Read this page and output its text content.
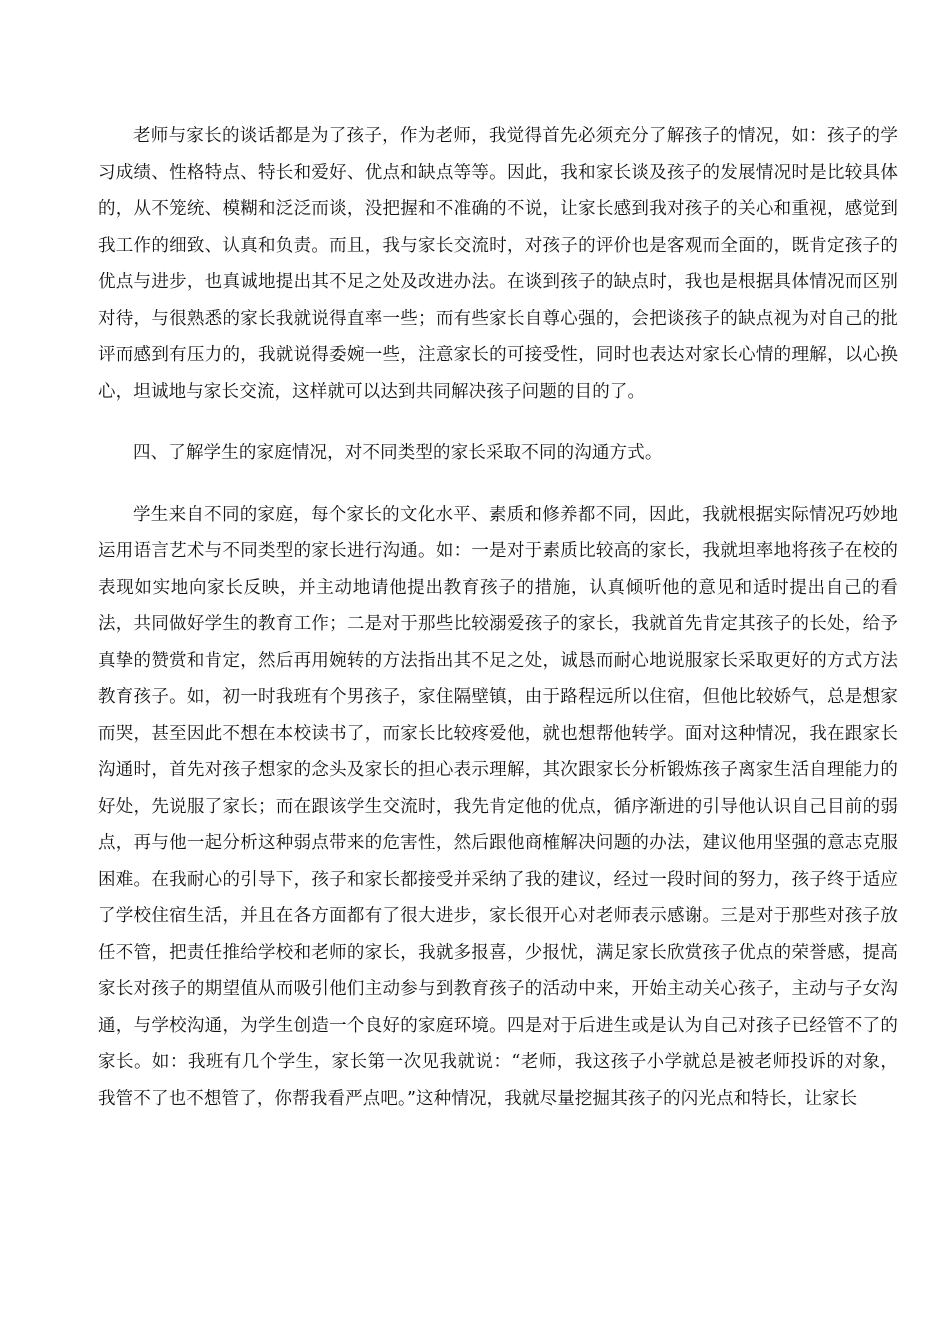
老师与家长的谈话都是为了孩子，作为老师，我觉得首先必须充分了解孩子的情况，如：孩子的学习成绩、性格特点、特长和爱好、优点和缺点等等。因此，我和家长谈及孩子的发展情况时是比较具体的，从不笼统、模糊和泛泛而谈，没把握和不准确的不说，让家长感到我对孩子的关心和重视，感觉到我工作的细致、认真和负责。而且，我与家长交流时，对孩子的评价也是客观而全面的，既肯定孩子的优点与进步，也真诚地提出其不足之处及改进办法。在谈到孩子的缺点时，我也是根据具体情况而区别对待，与很熟悉的家长我就说得直率一些；而有些家长自尊心强的，会把谈孩子的缺点视为对自己的批评而感到有压力的，我就说得委婉一些，注意家长的可接受性，同时也表达对家长心情的理解，以心换心，坦诚地与家长交流，这样就可以达到共同解决孩子问题的目的了。

四、了解学生的家庭情况，对不同类型的家长采取不同的沟通方式。

学生来自不同的家庭，每个家长的文化水平、素质和修养都不同，因此，我就根据实际情况巧妙地运用语言艺术与不同类型的家长进行沟通。如：一是对于素质比较高的家长，我就坦率地将孩子在校的表现如实地向家长反映，并主动地请他提出教育孩子的措施，认真倾听他的意见和适时提出自己的看法，共同做好学生的教育工作；二是对于那些比较溺爱孩子的家长，我就首先肯定其孩子的长处，给予真挚的赞赏和肯定，然后再用婉转的方法指出其不足之处，诚恳而耐心地说服家长采取更好的方式方法教育孩子。如，初一时我班有个男孩子，家住隔壁镇，由于路程远所以住宿，但他比较娇气，总是想家而哭，甚至因此不想在本校读书了，而家长比较疼爱他，就也想帮他转学。面对这种情况，我在跟家长沟通时，首先对孩子想家的念头及家长的担心表示理解，其次跟家长分析锻炼孩子离家生活自理能力的好处，先说服了家长；而在跟该学生交流时，我先肯定他的优点，循序渐进的引导他认识自己目前的弱点，再与他一起分析这种弱点带来的危害性，然后跟他商榷解决问题的办法，建议他用坚强的意志克服困难。在我耐心的引导下，孩子和家长都接受并采纳了我的建议，经过一段时间的努力，孩子终于适应了学校住宿生活，并且在各方面都有了很大进步，家长很开心对老师表示感谢。三是对于那些对孩子放任不管，把责任推给学校和老师的家长，我就多报喜，少报忧，满足家长欣赏孩子优点的荣誉感，提高家长对孩子的期望值从而吸引他们主动参与到教育孩子的活动中来，开始主动关心孩子，主动与子女沟通，与学校沟通，为学生创造一个良好的家庭环境。四是对于后进生或是认为自己对孩子已经管不了的家长。如：我班有几个学生，家长第一次见我就说：“老师，我这孩子小学就总是被老师投诉的对象，我管不了也不想管了，你帮我看严点吧。”这种情况，我就尽量挖掘其孩子的闪光点和特长，让家长
